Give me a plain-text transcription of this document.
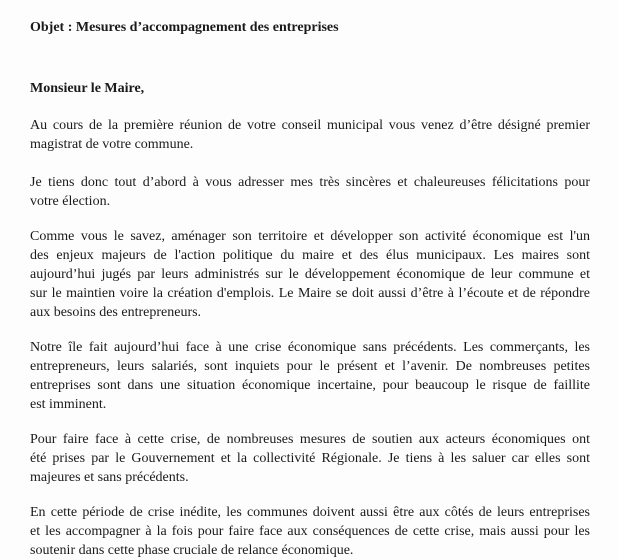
Objet : Mesures d’accompagnement des entreprises
Monsieur le Maire,
Au cours de la première réunion de votre conseil municipal vous venez d’être désigné premier
magistrat de votre commune.
Je tiens donc tout d’abord à vous adresser mes très sincères et chaleureuses félicitations pour
votre élection.
Comme vous le savez, aménager son territoire et développer son activité économique est l'un
des enjeux majeurs de l'action politique du maire et des élus municipaux. Les maires sont
aujourd’hui jugés par leurs administrés sur le développement économique de leur commune et
sur le maintien voire la création d'emplois. Le Maire se doit aussi d’être à l’écoute et de répondre
aux besoins des entrepreneurs.
Notre île fait aujourd’hui face à une crise économique sans précédents. Les commerçants, les
entrepreneurs, leurs salariés, sont inquiets pour le présent et l’avenir. De nombreuses petites
entreprises sont dans une situation économique incertaine, pour beaucoup le risque de faillite
est imminent.
Pour faire face à cette crise, de nombreuses mesures de soutien aux acteurs économiques ont
été prises par le Gouvernement et la collectivité Régionale. Je tiens à les saluer car elles sont
majeures et sans précédents.
En cette période de crise inédite, les communes doivent aussi être aux côtés de leurs entreprises
et les accompagner à la fois pour faire face aux conséquences de cette crise, mais aussi pour les
soutenir dans cette phase cruciale de relance économique.
